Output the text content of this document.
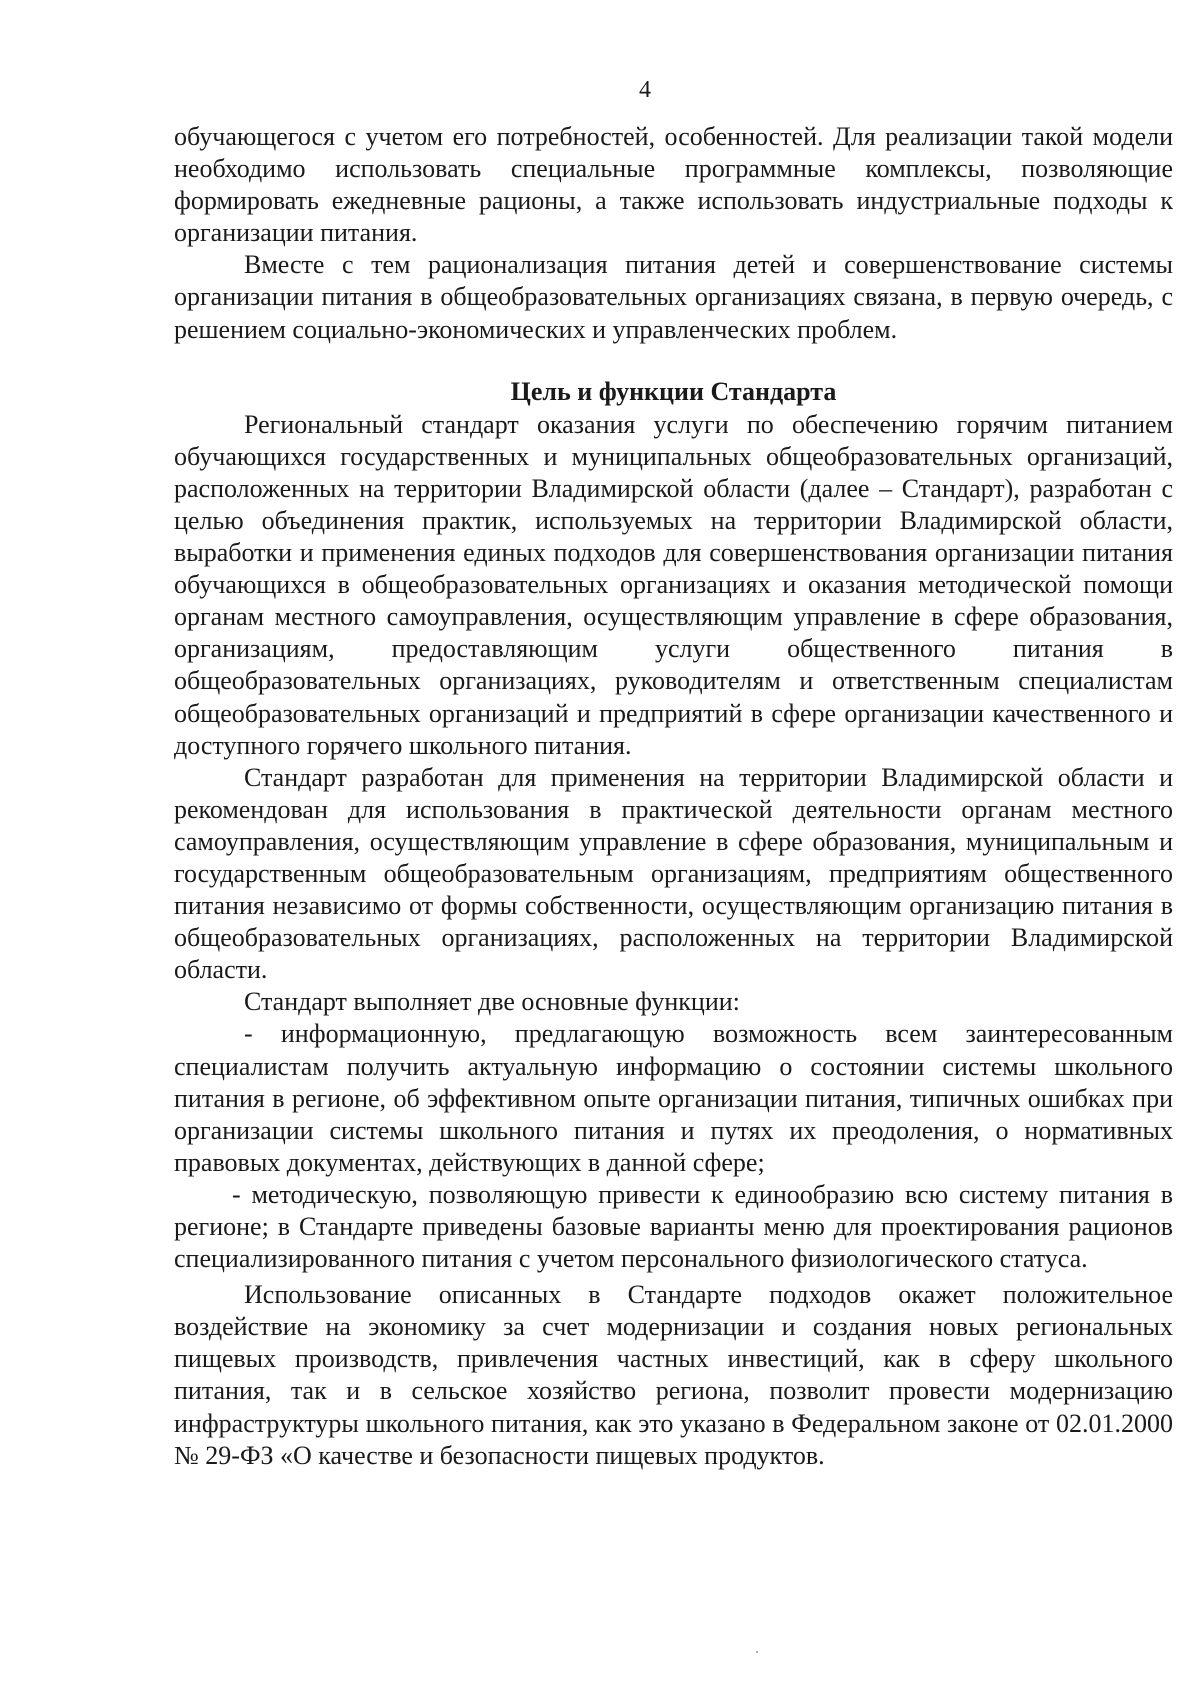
4

обучающегося с учетом его потребностей, особенностей. Для реализации такой модели необходимо использовать специальные программные комплексы, позволяющие формировать ежедневные рационы, а также использовать индустриальные подходы к организации питания.

Вместе с тем рационализация питания детей и совершенствование системы организации питания в общеобразовательных организациях связана, в первую очередь, с решением социально-экономических и управленческих проблем.

Цель и функции Стандарта

Региональный стандарт оказания услуги по обеспечению горячим питанием обучающихся государственных и муниципальных общеобразовательных организаций, расположенных на территории Владимирской области (далее – Стандарт), разработан с целью объединения практик, используемых на территории Владимирской области, выработки и применения единых подходов для совершенствования организации питания обучающихся в общеобразовательных организациях и оказания методической помощи органам местного самоуправления, осуществляющим управление в сфере образования, организациям, предоставляющим услуги общественного питания в общеобразовательных организациях, руководителям и ответственным специалистам общеобразовательных организаций и предприятий в сфере организации качественного и доступного горячего школьного питания.

Стандарт разработан для применения на территории Владимирской области и рекомендован для использования в практической деятельности органам местного самоуправления, осуществляющим управление в сфере образования, муниципальным и государственным общеобразовательным организациям, предприятиям общественного питания независимо от формы собственности, осуществляющим организацию питания в общеобразовательных организациях, расположенных на территории Владимирской области.

Стандарт выполняет две основные функции:

- информационную, предлагающую возможность всем заинтересованным специалистам получить актуальную информацию о состоянии системы школьного питания в регионе, об эффективном опыте организации питания, типичных ошибках при организации системы школьного питания и путях их преодоления, о нормативных правовых документах, действующих в данной сфере;

- методическую, позволяющую привести к единообразию всю систему питания в регионе; в Стандарте приведены базовые варианты меню для проектирования рационов специализированного питания с учетом персонального физиологического статуса.

Использование описанных в Стандарте подходов окажет положительное воздействие на экономику за счет модернизации и создания новых региональных пищевых производств, привлечения частных инвестиций, как в сферу школьного питания, так и в сельское хозяйство региона, позволит провести модернизацию инфраструктуры школьного питания, как это указано в Федеральном законе от 02.01.2000 № 29-ФЗ «О качестве и безопасности пищевых продуктов.
